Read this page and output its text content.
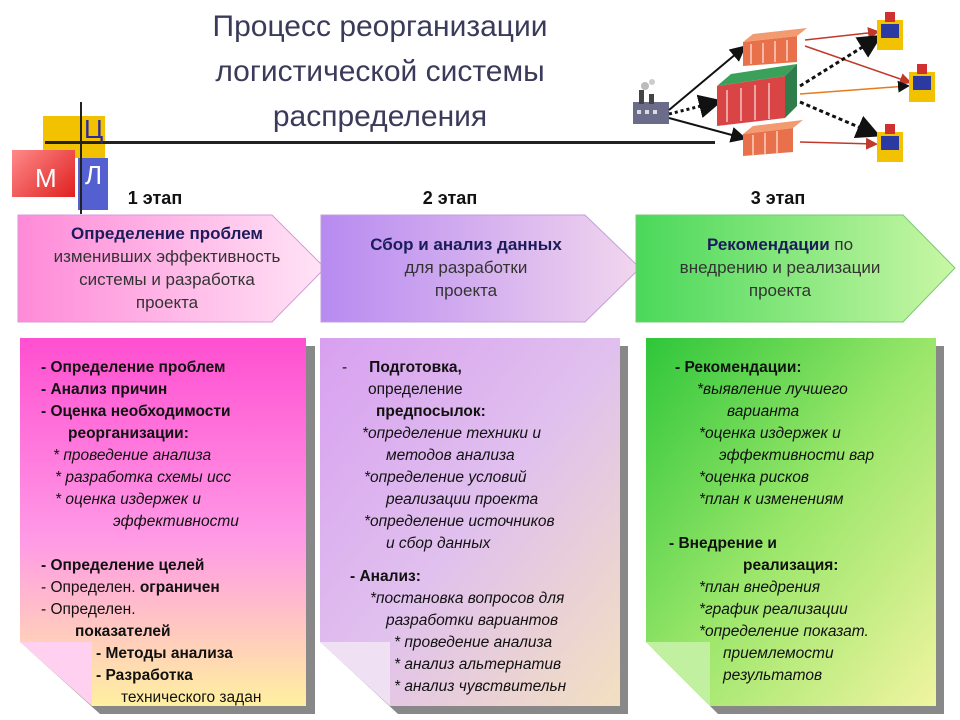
Процесс реорганизации
логистической системы
распределения
Ц
М Л
1 этап	2 этап	3 этап
Определение проблем
изменивших эффективность
системы и разработка
проекта
Сбор и анализ данных
для разработки
проекта
Рекомендации по
внедрению и реализации
проекта
- Определение проблем
- Анализ причин
- Оценка необходимости
реорганизации:
* проведение анализа
* разработка схемы исс
* оценка издержек и
эффективности
- Определение целей
- Определен. ограничен
- Определен.
показателей
- Методы анализа
- Разработка
технического задан
- Подготовка,
определение
предпосылок:
*определение техники и
методов анализа
*определение условий
реализации проекта
*определение источников
и сбор данных
- Анализ:
*постановка вопросов для
разработки вариантов
* проведение анализа
* анализ альтернатив
* анализ чувствительн
- Рекомендации:
*выявление лучшего
варианта
*оценка издержек и
эффективности вар
*оценка рисков
*план к изменениям
- Внедрение и
реализация:
*план внедрения
*график реализации
*определение показат.
приемлемости
результатов
